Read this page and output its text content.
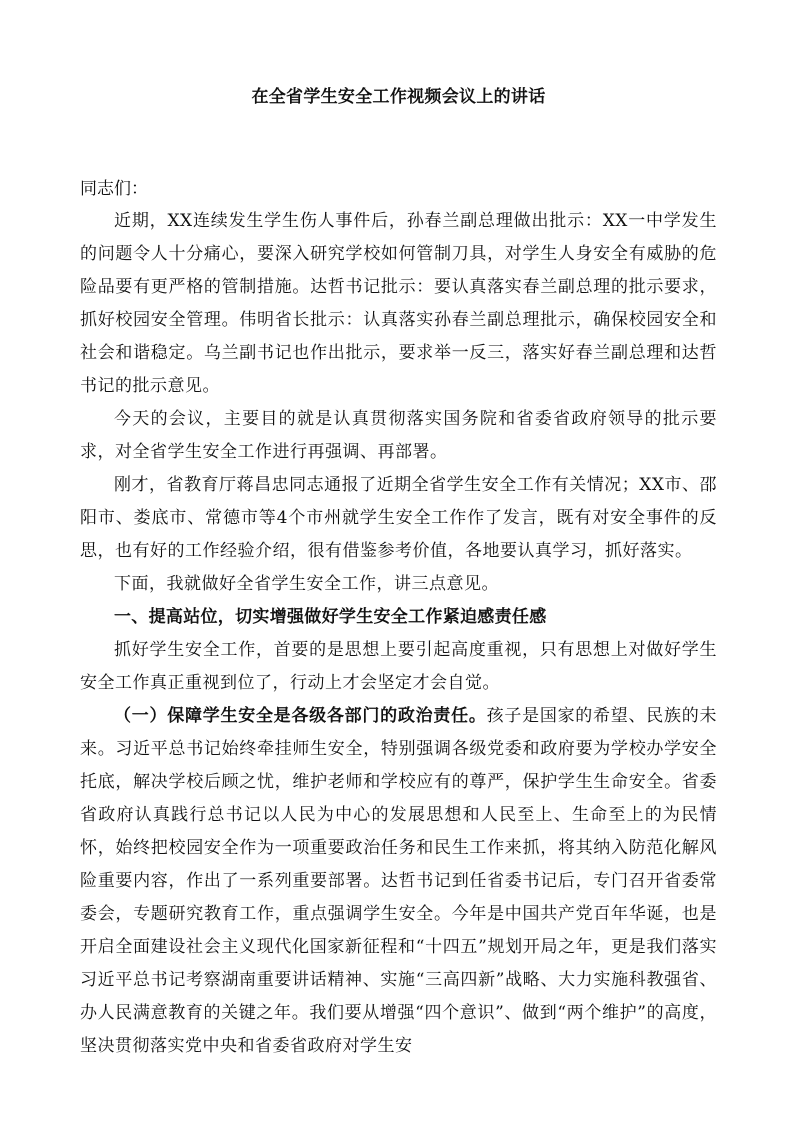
在全省学生安全工作视频会议上的讲话

同志们：

近期，XX连续发生学生伤人事件后，孙春兰副总理做出批示：XX一中学发生的问题令人十分痛心，要深入研究学校如何管制刀具，对学生人身安全有威胁的危险品要有更严格的管制措施。达哲书记批示：要认真落实春兰副总理的批示要求，抓好校园安全管理。伟明省长批示：认真落实孙春兰副总理批示，确保校园安全和社会和谐稳定。乌兰副书记也作出批示，要求举一反三，落实好春兰副总理和达哲书记的批示意见。

今天的会议，主要目的就是认真贯彻落实国务院和省委省政府领导的批示要求，对全省学生安全工作进行再强调、再部署。

刚才，省教育厅蒋昌忠同志通报了近期全省学生安全工作有关情况；XX市、邵阳市、娄底市、常德市等4个市州就学生安全工作作了发言，既有对安全事件的反思，也有好的工作经验介绍，很有借鉴参考价值，各地要认真学习，抓好落实。

下面，我就做好全省学生安全工作，讲三点意见。

一、提高站位，切实增强做好学生安全工作紧迫感责任感

抓好学生安全工作，首要的是思想上要引起高度重视，只有思想上对做好学生安全工作真正重视到位了，行动上才会坚定才会自觉。

（一）保障学生安全是各级各部门的政治责任。孩子是国家的希望、民族的未来。习近平总书记始终牵挂师生安全，特别强调各级党委和政府要为学校办学安全托底，解决学校后顾之忧，维护老师和学校应有的尊严，保护学生生命安全。省委省政府认真践行总书记以人民为中心的发展思想和人民至上、生命至上的为民情怀，始终把校园安全作为一项重要政治任务和民生工作来抓，将其纳入防范化解风险重要内容，作出了一系列重要部署。达哲书记到任省委书记后，专门召开省委常委会，专题研究教育工作，重点强调学生安全。今年是中国共产党百年华诞，也是开启全面建设社会主义现代化国家新征程和“十四五”规划开局之年，更是我们落实习近平总书记考察湖南重要讲话精神、实施“三高四新”战略、大力实施科教强省、办人民满意教育的关键之年。我们要从增强“四个意识”、做到“两个维护”的高度，坚决贯彻落实党中央和省委省政府对学生安
